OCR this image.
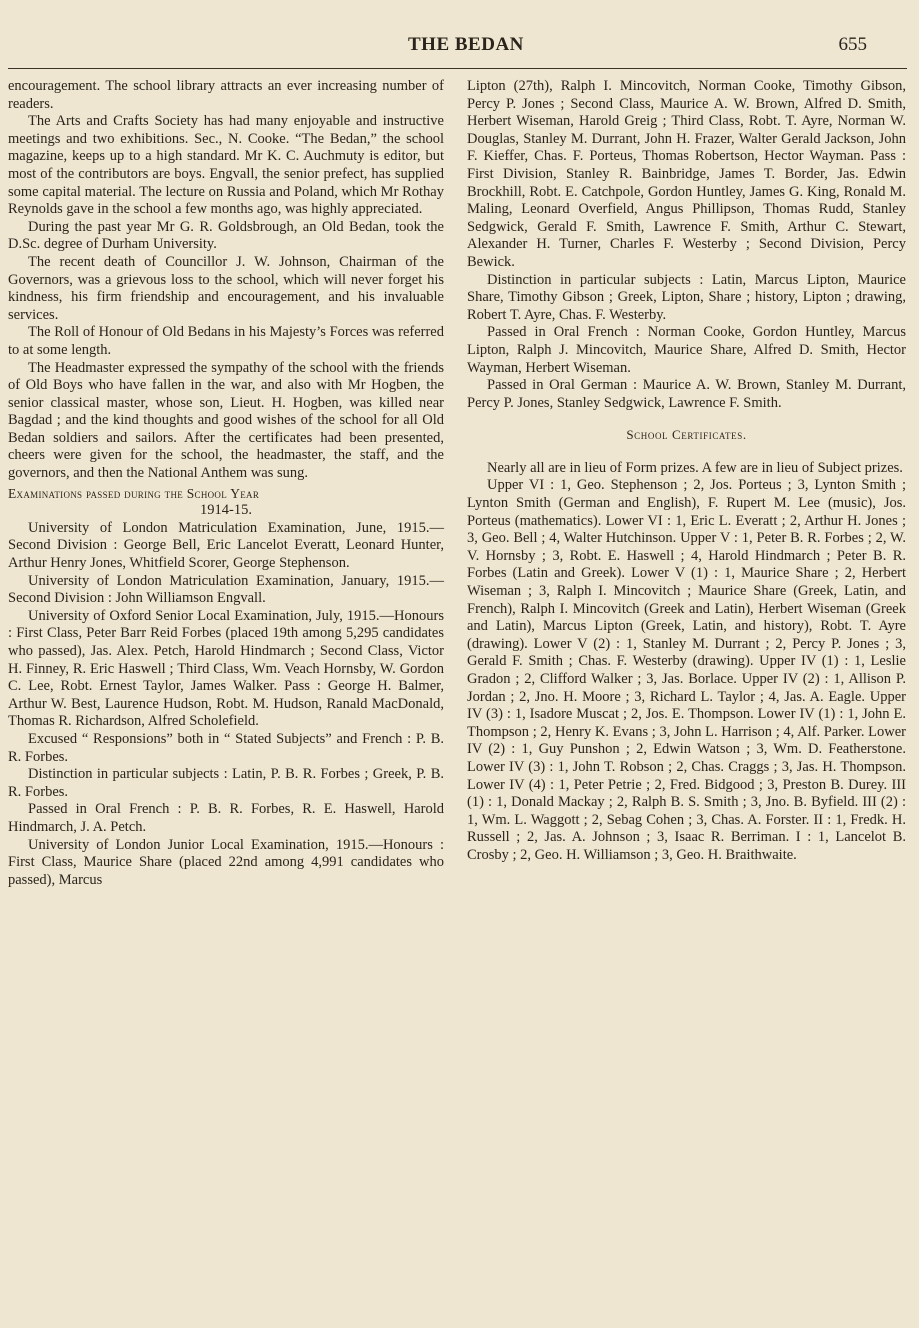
THE BEDAN	655

encouragement. The school library attracts an ever increasing number of readers.

The Arts and Crafts Society has had many enjoyable and instructive meetings and two exhibitions. Sec., N. Cooke. “The Bedan,” the school magazine, keeps up to a high standard. Mr K. C. Auchmuty is editor, but most of the contributors are boys. Engvall, the senior prefect, has supplied some capital material. The lecture on Russia and Poland, which Mr Rothay Reynolds gave in the school a few months ago, was highly appreciated.

During the past year Mr G. R. Goldsbrough, an Old Bedan, took the D.Sc. degree of Durham University.

The recent death of Councillor J. W. Johnson, Chairman of the Governors, was a grievous loss to the school, which will never forget his kindness, his firm friendship and encouragement, and his invaluable services.

The Roll of Honour of Old Bedans in his Majesty’s Forces was referred to at some length.

The Headmaster expressed the sympathy of the school with the friends of Old Boys who have fallen in the war, and also with Mr Hogben, the senior classical master, whose son, Lieut. H. Hogben, was killed near Bagdad ; and the kind thoughts and good wishes of the school for all Old Bedan soldiers and sailors. After the certificates had been presented, cheers were given for the school, the headmaster, the staff, and the governors, and then the National Anthem was sung.

Examinations passed during the School Year

1914-15.

University of London Matriculation Examination, June, 1915.—Second Division : George Bell, Eric Lancelot Everatt, Leonard Hunter, Arthur Henry Jones, Whitfield Scorer, George Stephenson.

University of London Matriculation Examination, January, 1915.— Second Division : John Williamson Engvall.

University of Oxford Senior Local Examination, July, 1915.—Honours : First Class, Peter Barr Reid Forbes (placed 19th among 5,295 candidates who passed), Jas. Alex. Petch, Harold Hindmarch ; Second Class, Victor H. Finney, R. Eric Haswell ; Third Class, Wm. Veach Hornsby, W. Gordon C. Lee, Robt. Ernest Taylor, James Walker. Pass : George H. Balmer, Arthur W. Best, Laurence Hudson, Robt. M. Hudson, Ranald MacDonald, Thomas R. Richardson, Alfred Scholefield.

Excused “ Responsions” both in “ Stated Subjects” and French : P. B. R. Forbes.

Distinction in particular subjects : Latin, P. B. R. Forbes ; Greek, P. B. R. Forbes.

Passed in Oral French : P. B. R. Forbes, R. E. Haswell, Harold Hindmarch, J. A. Petch.

University of London Junior Local Examination, 1915.—Honours : First Class, Maurice Share (placed 22nd among 4,991 candidates who passed), Marcus

Lipton (27th), Ralph I. Mincovitch, Norman Cooke, Timothy Gibson, Percy P. Jones ; Second Class, Maurice A. W. Brown, Alfred D. Smith, Herbert Wiseman, Harold Greig ; Third Class, Robt. T. Ayre, Norman W. Douglas, Stanley M. Durrant, John H. Frazer, Walter Gerald Jackson, John F. Kieffer, Chas. F. Porteus, Thomas Robertson, Hector Wayman. Pass : First Division, Stanley R. Bainbridge, James T. Border, Jas. Edwin Brockhill, Robt. E. Catchpole, Gordon Huntley, James G. King, Ronald M. Maling, Leonard Overfield, Angus Phillipson, Thomas Rudd, Stanley Sedgwick, Gerald F. Smith, Lawrence F. Smith, Arthur C. Stewart, Alexander H. Turner, Charles F. Westerby ; Second Division, Percy Bewick.

Distinction in particular subjects : Latin, Marcus Lipton, Maurice Share, Timothy Gibson ; Greek, Lipton, Share ; history, Lipton ; drawing, Robert T. Ayre, Chas. F. Westerby.

Passed in Oral French : Norman Cooke, Gordon Huntley, Marcus Lipton, Ralph J. Mincovitch, Maurice Share, Alfred D. Smith, Hector Wayman, Herbert Wiseman.

Passed in Oral German : Maurice A. W. Brown, Stanley M. Durrant, Percy P. Jones, Stanley Sedgwick, Lawrence F. Smith.

School Certificates.

Nearly all are in lieu of Form prizes. A few are in lieu of Subject prizes.

Upper VI : 1, Geo. Stephenson ; 2, Jos. Porteus ; 3, Lynton Smith ; Lynton Smith (German and English), F. Rupert M. Lee (music), Jos. Porteus (mathematics). Lower VI : 1, Eric L. Everatt ; 2, Arthur H. Jones ; 3, Geo. Bell ; 4, Walter Hutchinson. Upper V : 1, Peter B. R. Forbes ; 2, W. V. Hornsby ; 3, Robt. E. Haswell ; 4, Harold Hindmarch ; Peter B. R. Forbes (Latin and Greek). Lower V (1) : 1, Maurice Share ; 2, Herbert Wiseman ; 3, Ralph I. Mincovitch ; Maurice Share (Greek, Latin, and French), Ralph I. Mincovitch (Greek and Latin), Herbert Wiseman (Greek and Latin), Marcus Lipton (Greek, Latin, and history), Robt. T. Ayre (drawing). Lower V (2) : 1, Stanley M. Durrant ; 2, Percy P. Jones ; 3, Gerald F. Smith ; Chas. F. Westerby (drawing). Upper IV (1) : 1, Leslie Gradon ; 2, Clifford Walker ; 3, Jas. Borlace. Upper IV (2) : 1, Allison P. Jordan ; 2, Jno. H. Moore ; 3, Richard L. Taylor ; 4, Jas. A. Eagle. Upper IV (3) : 1, Isadore Muscat ; 2, Jos. E. Thompson. Lower IV (1) : 1, John E. Thompson ; 2, Henry K. Evans ; 3, John L. Harrison ; 4, Alf. Parker. Lower IV (2) : 1, Guy Punshon ; 2, Edwin Watson ; 3, Wm. D. Featherstone. Lower IV (3) : 1, John T. Robson ; 2, Chas. Craggs ; 3, Jas. H. Thompson. Lower IV (4) : 1, Peter Petrie ; 2, Fred. Bidgood ; 3, Preston B. Durey. III (1) : 1, Donald Mackay ; 2, Ralph B. S. Smith ; 3, Jno. B. Byfield. III (2) : 1, Wm. L. Waggott ; 2, Sebag Cohen ; 3, Chas. A. Forster. II : 1, Fredk. H. Russell ; 2, Jas. A. Johnson ; 3, Isaac R. Berriman. I : 1, Lancelot B. Crosby ; 2, Geo. H. Williamson ; 3, Geo. H. Braithwaite.
